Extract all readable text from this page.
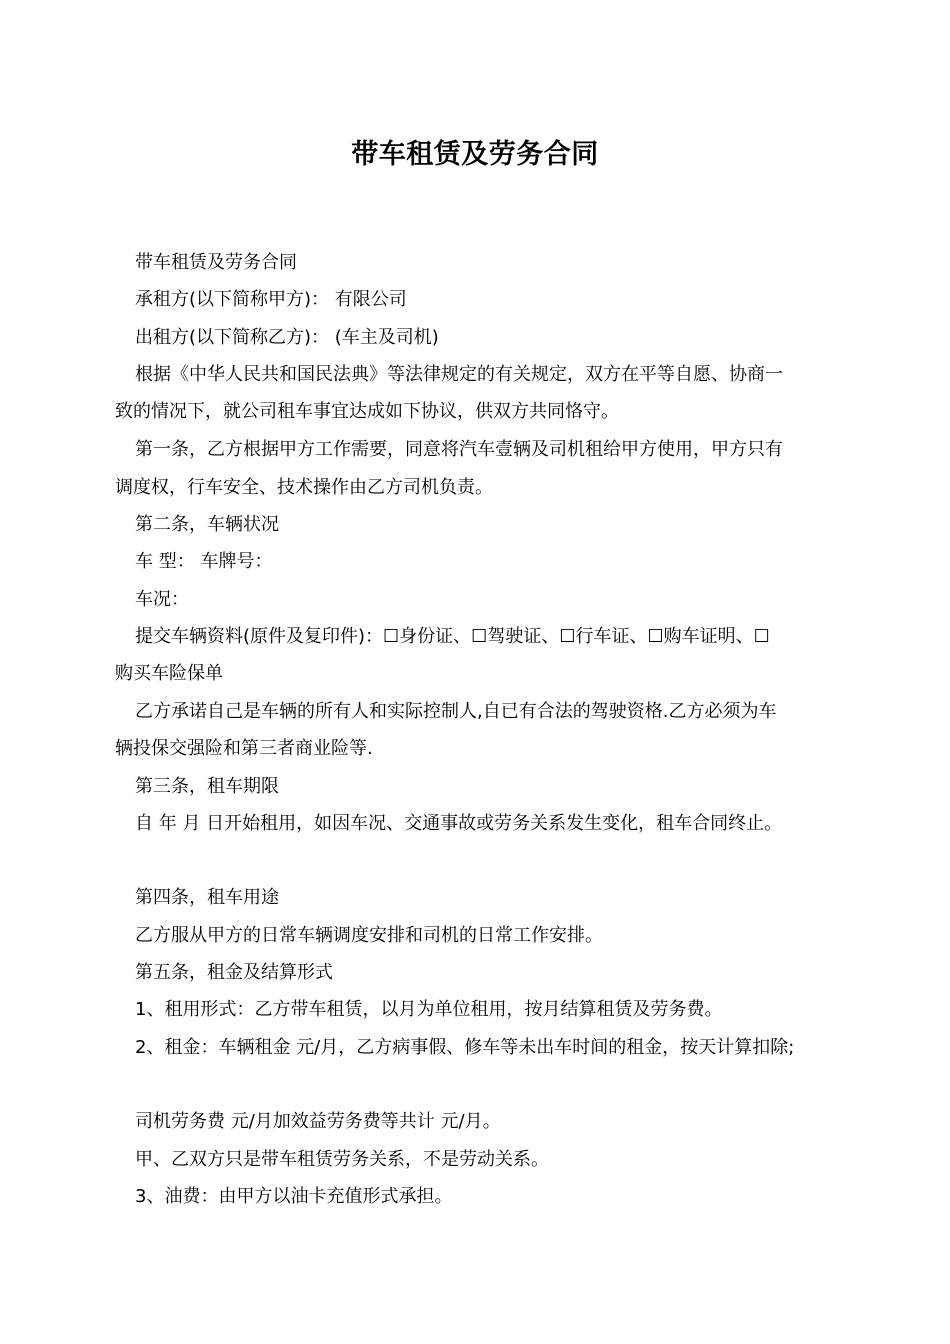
带车租赁及劳务合同
带车租赁及劳务合同
承租方(以下简称甲方)： 有限公司
出租方(以下简称乙方)： (车主及司机)
根据《中华人民共和国民法典》等法律规定的有关规定，双方在平等自愿、协商一
致的情况下，就公司租车事宜达成如下协议，供双方共同恪守。
第一条，乙方根据甲方工作需要，同意将汽车壹辆及司机租给甲方使用，甲方只有
调度权，行车安全、技术操作由乙方司机负责。
第二条，车辆状况
车 型： 车牌号：
车况：
提交车辆资料(原件及复印件)：☐身份证、☐驾驶证、☐行车证、☐购车证明、☐
购买车险保单
乙方承诺自己是车辆的所有人和实际控制人,自已有合法的驾驶资格.乙方必须为车
辆投保交强险和第三者商业险等.
第三条，租车期限
自 年 月 日开始租用，如因车况、交通事故或劳务关系发生变化，租车合同终止。
第四条，租车用途
乙方服从甲方的日常车辆调度安排和司机的日常工作安排。
第五条，租金及结算形式
1、租用形式：乙方带车租赁，以月为单位租用，按月结算租赁及劳务费。
2、租金：车辆租金 元/月，乙方病事假、修车等未出车时间的租金，按天计算扣除;
司机劳务费 元/月加效益劳务费等共计 元/月。
甲、乙双方只是带车租赁劳务关系，不是劳动关系。
3、油费：由甲方以油卡充值形式承担。
